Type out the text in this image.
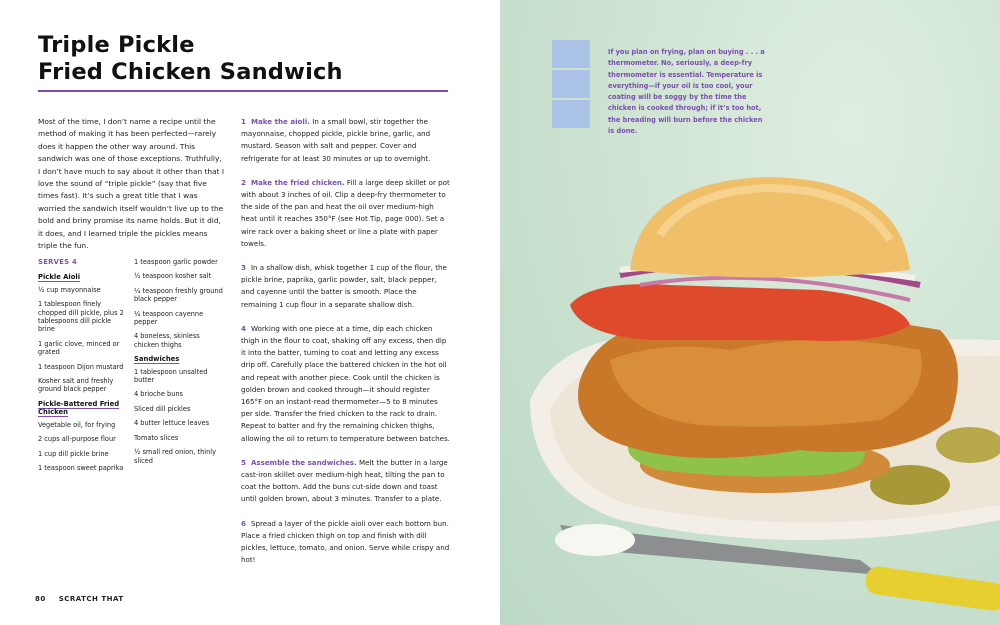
Triple Pickle
Fried Chicken Sandwich

Most of the time, I don’t name a recipe until the method of making it has been perfected—rarely does it happen the other way around. This sandwich was one of those exceptions. Truthfully, I don’t have much to say about it other than that I love the sound of “triple pickle” (say that five times fast). It’s such a great title that I was worried the sandwich itself wouldn’t live up to the bold and briny promise its name holds. But it did, it does, and I learned triple the pickles means triple the fun.

SERVES 4
Pickle Aioli

½ cup mayonnaise

1 tablespoon finely chopped dill pickle, plus 2 tablespoons dill pickle brine

1 garlic clove, minced or grated

1 teaspoon Dijon mustard

Kosher salt and freshly ground black pepper

Pickle-Battered Fried Chicken

Vegetable oil, for frying

2 cups all-purpose flour

1 cup dill pickle brine

1 teaspoon sweet paprika

1 teaspoon garlic powder

½ teaspoon kosher salt

¼ teaspoon freshly ground black pepper

¼ teaspoon cayenne pepper

4 boneless, skinless chicken thighs

Sandwiches

1 tablespoon unsalted butter

4 brioche buns

Sliced dill pickles

4 butter lettuce leaves

Tomato slices

½ small red onion, thinly sliced

1 Make the aioli. In a small bowl, stir together the mayonnaise, chopped pickle, pickle brine, garlic, and mustard. Season with salt and pepper. Cover and refrigerate for at least 30 minutes or up to overnight.

2 Make the fried chicken. Fill a large deep skillet or pot with about 3 inches of oil. Clip a deep-fry thermometer to the side of the pan and heat the oil over medium-high heat until it reaches 350°F (see Hot Tip, page 000). Set a wire rack over a baking sheet or line a plate with paper towels.

3 In a shallow dish, whisk together 1 cup of the flour, the pickle brine, paprika, garlic powder, salt, black pepper, and cayenne until the batter is smooth. Place the remaining 1 cup flour in a separate shallow dish.

4 Working with one piece at a time, dip each chicken thigh in the flour to coat, shaking off any excess, then dip it into the batter, turning to coat and letting any excess drip off. Carefully place the battered chicken in the hot oil and repeat with another piece. Cook until the chicken is golden brown and cooked through—it should register 165°F on an instant-read thermometer—5 to 8 minutes per side. Transfer the fried chicken to the rack to drain. Repeat to batter and fry the remaining chicken thighs, allowing the oil to return to temperature between batches.

5 Assemble the sandwiches. Melt the butter in a large cast-iron skillet over medium-high heat, tilting the pan to coat the bottom. Add the buns cut-side down and toast until golden brown, about 3 minutes. Transfer to a plate.

6 Spread a layer of the pickle aioli over each bottom bun. Place a fried chicken thigh on top and finish with dill pickles, lettuce, tomato, and onion. Serve while crispy and hot!

80 SCRATCH THAT
H
O
T

If you plan on frying, plan on buying . . . a thermometer. No, seriously, a deep-fry thermometer is essential. Temperature is everything—if your oil is too cool, your coating will be soggy by the time the chicken is cooked through; if it’s too hot, the breading will burn before the chicken is done.
